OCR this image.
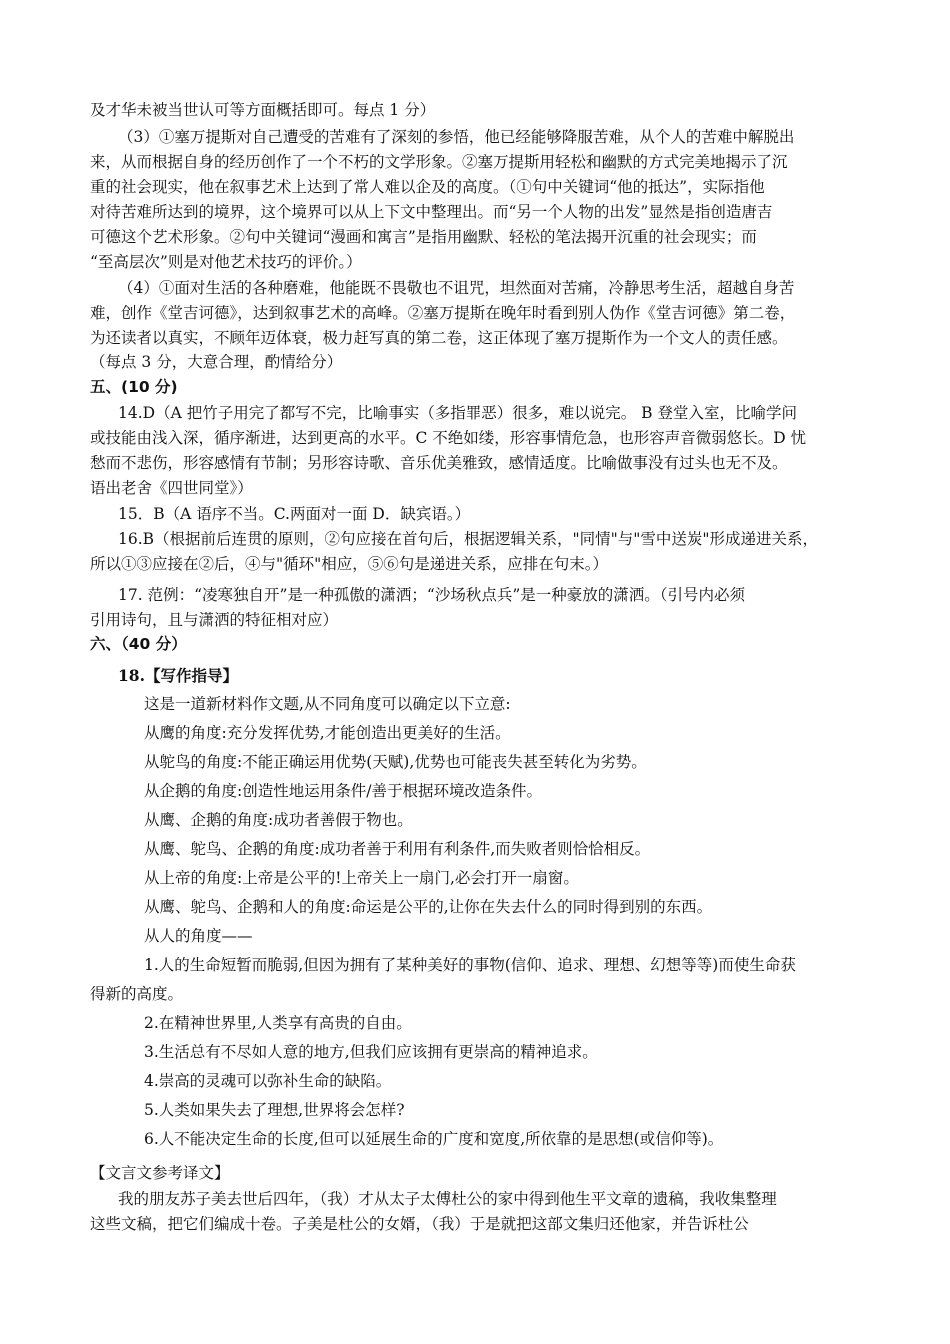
及才华未被当世认可等方面概括即可。每点 1 分）
（3）①塞万提斯对自己遭受的苦难有了深刻的参悟，他已经能够降服苦难，从个人的苦难中解脱出
来，从而根据自身的经历创作了一个不朽的文学形象。②塞万提斯用轻松和幽默的方式完美地揭示了沉
重的社会现实，他在叙事艺术上达到了常人难以企及的高度。（①句中关键词“他的抵达”，实际指他
对待苦难所达到的境界，这个境界可以从上下文中整理出。而“另一个人物的出发”显然是指创造唐吉
可德这个艺术形象。②句中关键词“漫画和寓言”是指用幽默、轻松的笔法揭开沉重的社会现实；而
“至高层次”则是对他艺术技巧的评价。）
（4）①面对生活的各种磨难，他能既不畏敬也不诅咒，坦然面对苦痛，冷静思考生活，超越自身苦
难，创作《堂吉诃德》，达到叙事艺术的高峰。②塞万提斯在晚年时看到别人伪作《堂吉诃德》第二卷，
为还读者以真实，不顾年迈体衰，极力赶写真的第二卷，这正体现了塞万提斯作为一个文人的责任感。
（每点 3 分，大意合理，酌情给分）
五、(10 分)
14.D（A 把竹子用完了都写不完，比喻事实（多指罪恶）很多，难以说完。 B 登堂入室，比喻学问
或技能由浅入深，循序渐进，达到更高的水平。C 不绝如缕，形容事情危急，也形容声音微弱悠长。D 忧
愁而不悲伤，形容感情有节制；另形容诗歌、音乐优美雅致，感情适度。比喻做事没有过头也无不及。
语出老舍《四世同堂》）
15．B（A 语序不当。C.两面对一面 D．缺宾语。）
16.B（根据前后连贯的原则，②句应接在首句后，根据逻辑关系，"同情"与"雪中送炭"形成递进关系，
所以①③应接在②后，④与"循环"相应，⑤⑥句是递进关系，应排在句末。）
17. 范例：“凌寒独自开”是一种孤傲的潇洒；“沙场秋点兵”是一种豪放的潇洒。（引号内必须
引用诗句，且与潇洒的特征相对应）
六、（40 分）
18.【写作指导】
这是一道新材料作文题,从不同角度可以确定以下立意:
从鹰的角度:充分发挥优势,才能创造出更美好的生活。
从鸵鸟的角度:不能正确运用优势(天赋),优势也可能丧失甚至转化为劣势。
从企鹅的角度:创造性地运用条件/善于根据环境改造条件。
从鹰、企鹅的角度:成功者善假于物也。
从鹰、鸵鸟、企鹅的角度:成功者善于利用有利条件,而失败者则恰恰相反。
从上帝的角度:上帝是公平的!上帝关上一扇门,必会打开一扇窗。
从鹰、鸵鸟、企鹅和人的角度:命运是公平的,让你在失去什么的同时得到别的东西。
从人的角度——
1.人的生命短暂而脆弱,但因为拥有了某种美好的事物(信仰、追求、理想、幻想等等)而使生命获
得新的高度。
2.在精神世界里,人类享有高贵的自由。
3.生活总有不尽如人意的地方,但我们应该拥有更崇高的精神追求。
4.崇高的灵魂可以弥补生命的缺陷。
5.人类如果失去了理想,世界将会怎样?
6.人不能决定生命的长度,但可以延展生命的广度和宽度,所依靠的是思想(或信仰等)。
【文言文参考译文】
我的朋友苏子美去世后四年，（我）才从太子太傅杜公的家中得到他生平文章的遗稿，我收集整理
这些文稿，把它们编成十卷。子美是杜公的女婿，（我）于是就把这部文集归还他家，并告诉杜公
